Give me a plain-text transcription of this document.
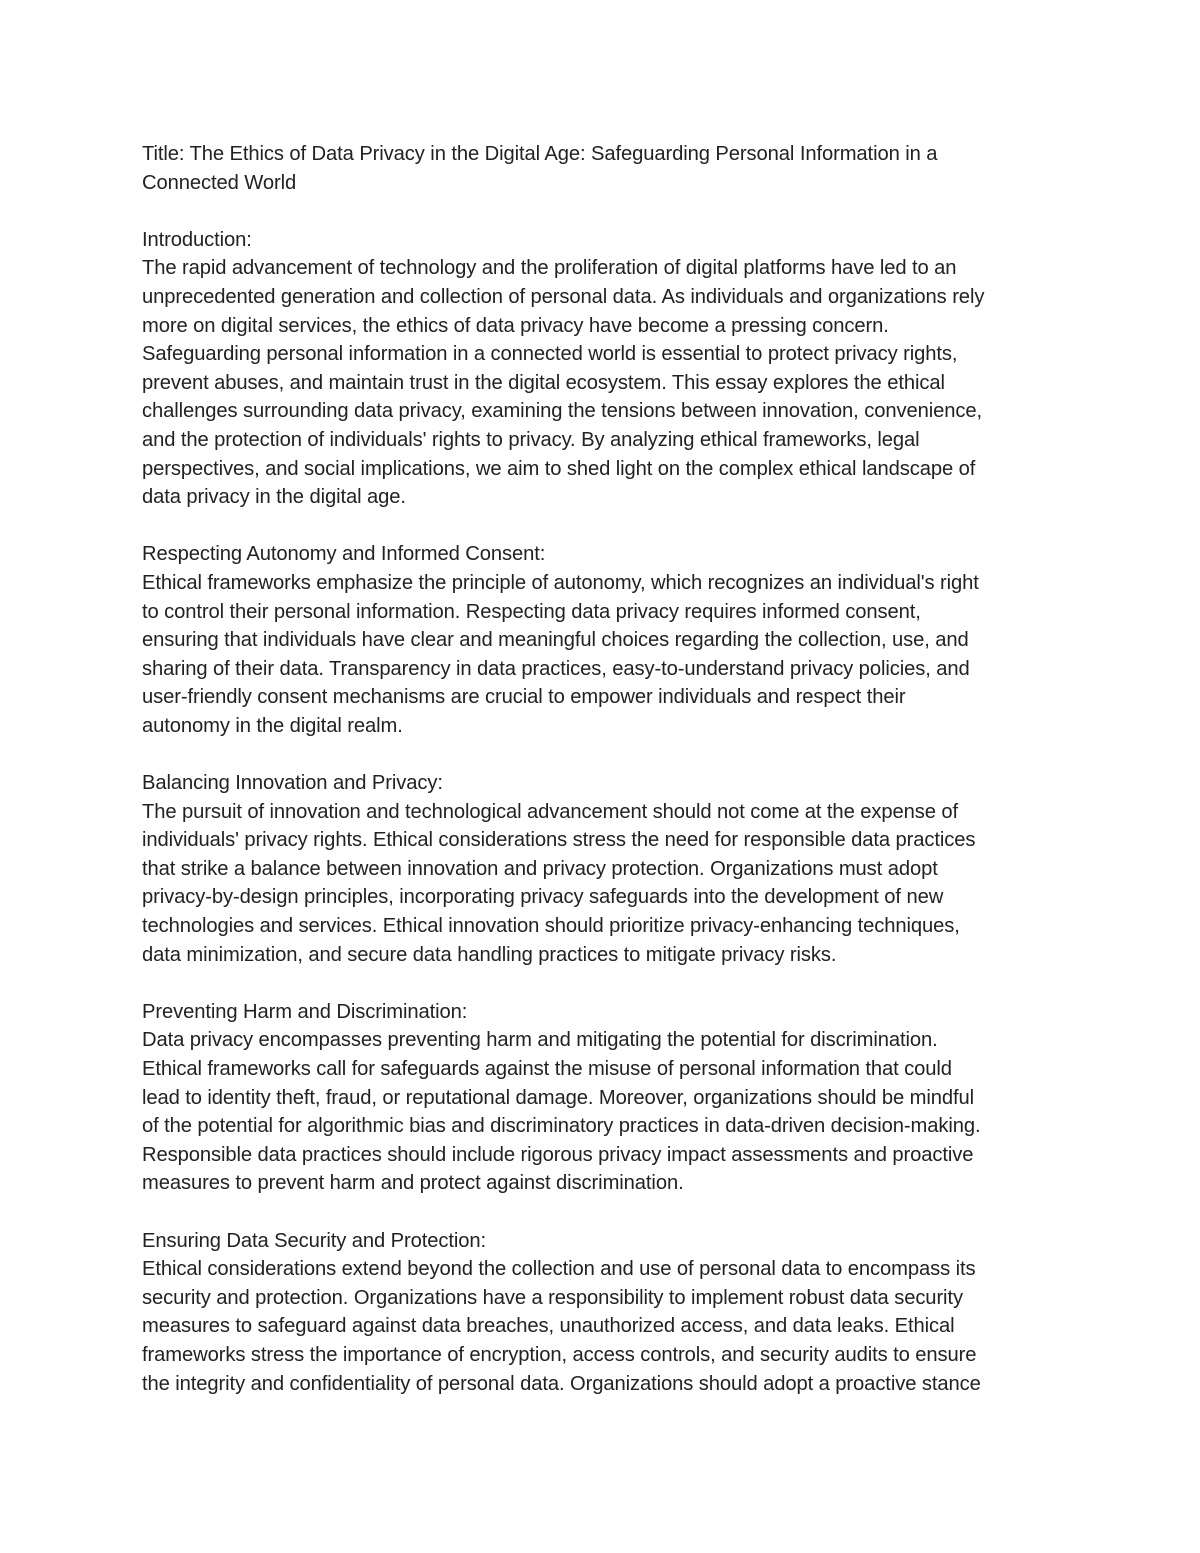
Title: The Ethics of Data Privacy in the Digital Age: Safeguarding Personal Information in a
Connected World
Introduction:
The rapid advancement of technology and the proliferation of digital platforms have led to an
unprecedented generation and collection of personal data. As individuals and organizations rely
more on digital services, the ethics of data privacy have become a pressing concern.
Safeguarding personal information in a connected world is essential to protect privacy rights,
prevent abuses, and maintain trust in the digital ecosystem. This essay explores the ethical
challenges surrounding data privacy, examining the tensions between innovation, convenience,
and the protection of individuals' rights to privacy. By analyzing ethical frameworks, legal
perspectives, and social implications, we aim to shed light on the complex ethical landscape of
data privacy in the digital age.
Respecting Autonomy and Informed Consent:
Ethical frameworks emphasize the principle of autonomy, which recognizes an individual's right
to control their personal information. Respecting data privacy requires informed consent,
ensuring that individuals have clear and meaningful choices regarding the collection, use, and
sharing of their data. Transparency in data practices, easy-to-understand privacy policies, and
user-friendly consent mechanisms are crucial to empower individuals and respect their
autonomy in the digital realm.
Balancing Innovation and Privacy:
The pursuit of innovation and technological advancement should not come at the expense of
individuals' privacy rights. Ethical considerations stress the need for responsible data practices
that strike a balance between innovation and privacy protection. Organizations must adopt
privacy-by-design principles, incorporating privacy safeguards into the development of new
technologies and services. Ethical innovation should prioritize privacy-enhancing techniques,
data minimization, and secure data handling practices to mitigate privacy risks.
Preventing Harm and Discrimination:
Data privacy encompasses preventing harm and mitigating the potential for discrimination.
Ethical frameworks call for safeguards against the misuse of personal information that could
lead to identity theft, fraud, or reputational damage. Moreover, organizations should be mindful
of the potential for algorithmic bias and discriminatory practices in data-driven decision-making.
Responsible data practices should include rigorous privacy impact assessments and proactive
measures to prevent harm and protect against discrimination.
Ensuring Data Security and Protection:
Ethical considerations extend beyond the collection and use of personal data to encompass its
security and protection. Organizations have a responsibility to implement robust data security
measures to safeguard against data breaches, unauthorized access, and data leaks. Ethical
frameworks stress the importance of encryption, access controls, and security audits to ensure
the integrity and confidentiality of personal data. Organizations should adopt a proactive stance
